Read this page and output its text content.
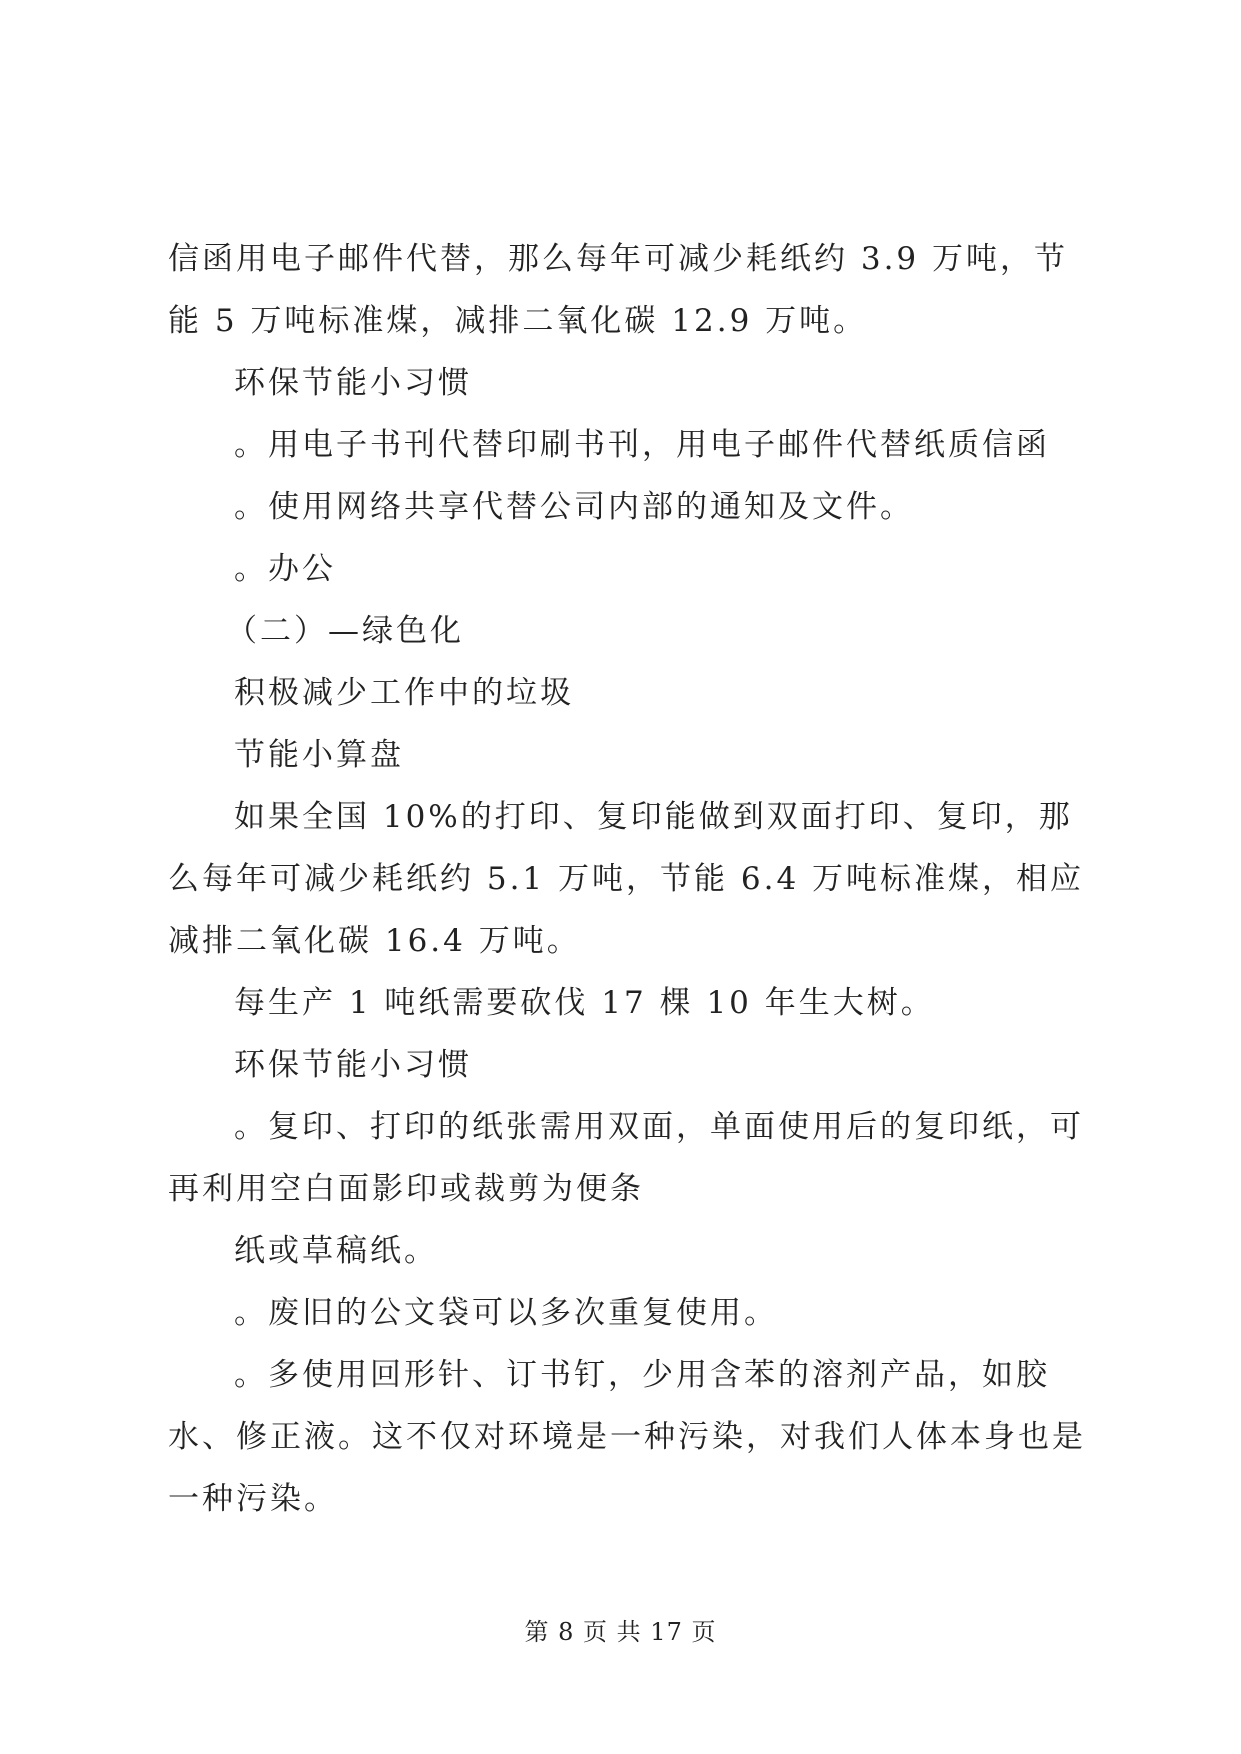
信函用电子邮件代替，那么每年可减少耗纸约 3.9 万吨，节能 5 万吨标准煤，减排二氧化碳 12.9 万吨。

环保节能小习惯

。用电子书刊代替印刷书刊，用电子邮件代替纸质信函

。使用网络共享代替公司内部的通知及文件。

。办公

（二）—绿色化

积极减少工作中的垃圾

节能小算盘

如果全国 10%的打印、复印能做到双面打印、复印，那么每年可减少耗纸约 5.1 万吨，节能 6.4 万吨标准煤，相应减排二氧化碳 16.4 万吨。

每生产 1 吨纸需要砍伐 17 棵 10 年生大树。

环保节能小习惯

。复印、打印的纸张需用双面，单面使用后的复印纸，可再利用空白面影印或裁剪为便条

纸或草稿纸。

。废旧的公文袋可以多次重复使用。

。多使用回形针、订书钉，少用含苯的溶剂产品，如胶水、修正液。这不仅对环境是一种污染，对我们人体本身也是一种污染。

第 8 页 共 17 页
